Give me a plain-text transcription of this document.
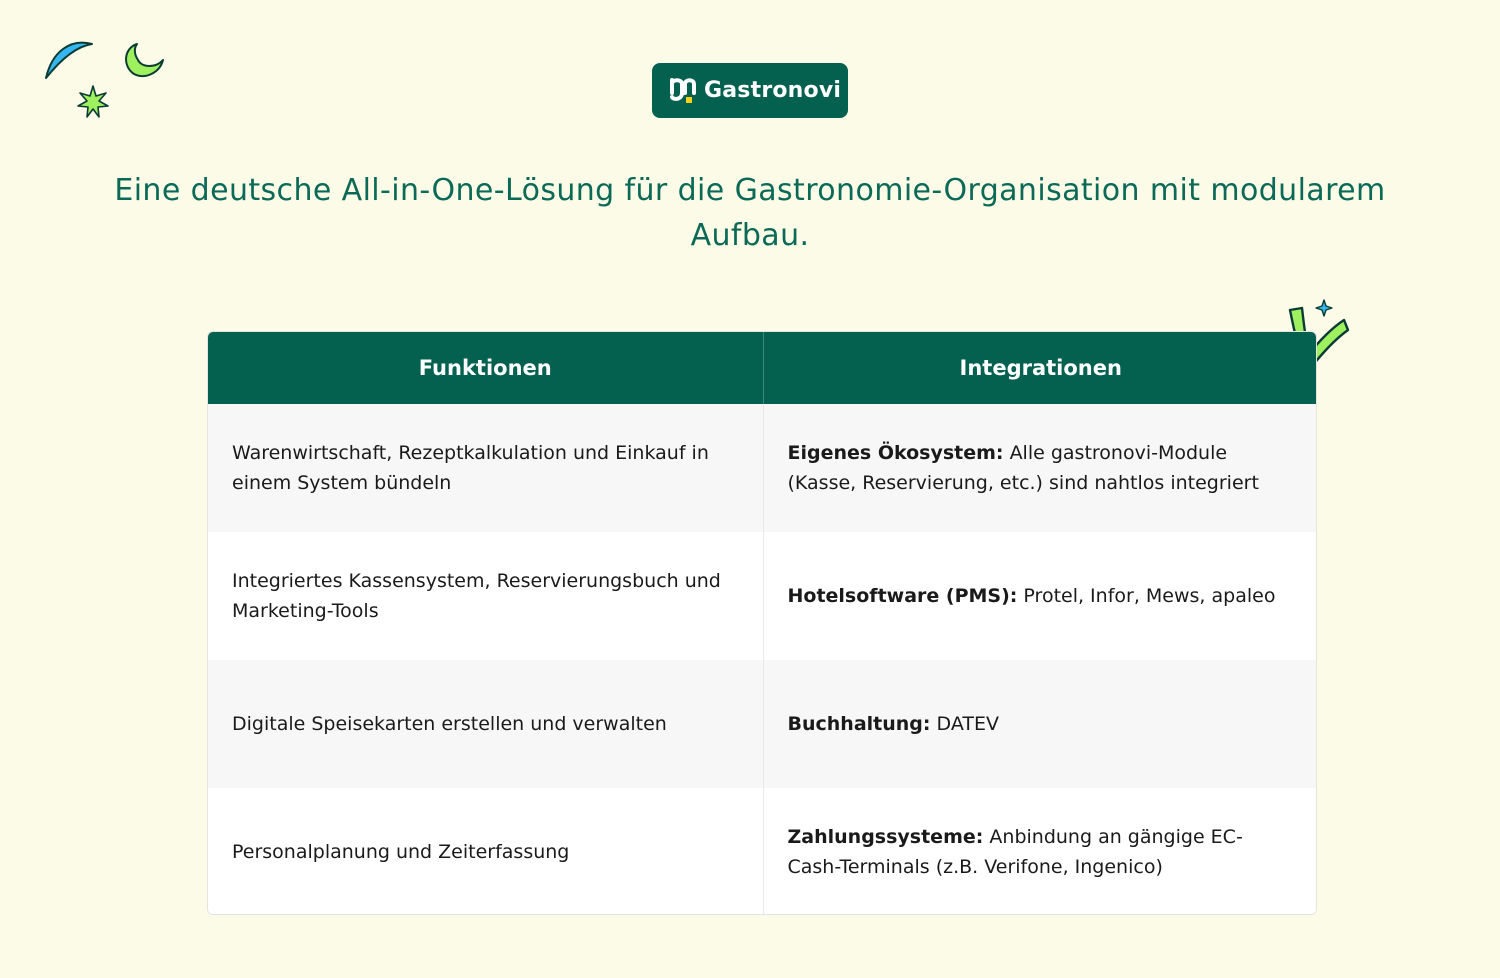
Gastronovi
Eine deutsche All-in-One-Lösung für die Gastronomie-Organisation mit modularem Aufbau.
Funktionen	Integrationen
Warenwirtschaft, Rezeptkalkulation und Einkauf in einem System bündeln	Eigenes Ökosystem: Alle gastronovi-Module (Kasse, Reservierung, etc.) sind nahtlos integriert
Integriertes Kassensystem, Reservierungsbuch und Marketing-Tools	Hotelsoftware (PMS): Protel, Infor, Mews, apaleo
Digitale Speisekarten erstellen und verwalten	Buchhaltung: DATEV
Personalplanung und Zeiterfassung	Zahlungssysteme: Anbindung an gängige EC-Cash-Terminals (z.B. Verifone, Ingenico)
